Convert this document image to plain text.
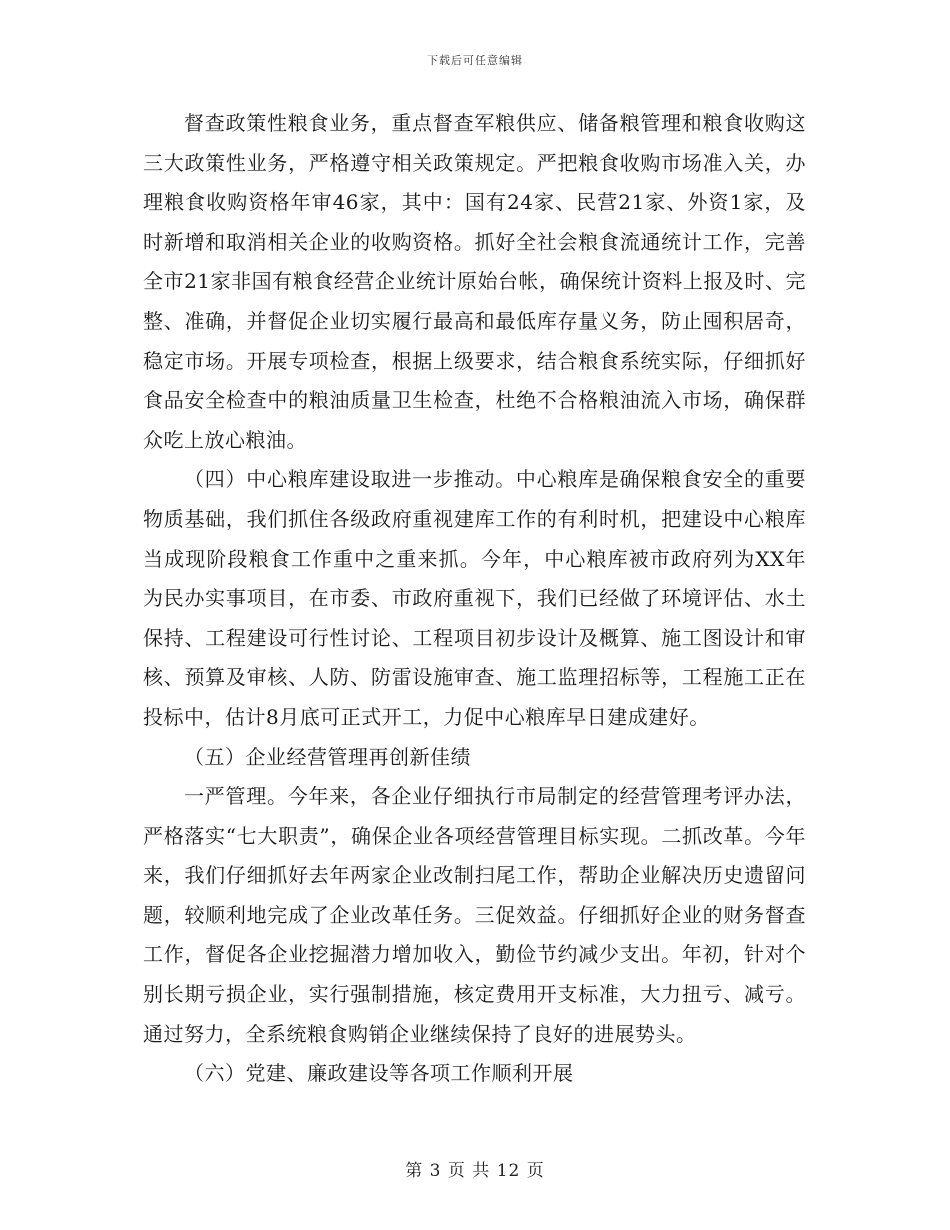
下载后可任意编辑

督查政策性粮食业务，重点督查军粮供应、储备粮管理和粮食收购这三大政策性业务，严格遵守相关政策规定。严把粮食收购市场准入关，办理粮食收购资格年审46家，其中：国有24家、民营21家、外资1家，及时新增和取消相关企业的收购资格。抓好全社会粮食流通统计工作，完善全市21家非国有粮食经营企业统计原始台帐，确保统计资料上报及时、完整、准确，并督促企业切实履行最高和最低库存量义务，防止囤积居奇，稳定市场。开展专项检查，根据上级要求，结合粮食系统实际，仔细抓好食品安全检查中的粮油质量卫生检查，杜绝不合格粮油流入市场，确保群众吃上放心粮油。

（四）中心粮库建设取进一步推动。中心粮库是确保粮食安全的重要物质基础，我们抓住各级政府重视建库工作的有利时机，把建设中心粮库当成现阶段粮食工作重中之重来抓。今年，中心粮库被市政府列为XX年为民办实事项目，在市委、市政府重视下，我们已经做了环境评估、水土保持、工程建设可行性讨论、工程项目初步设计及概算、施工图设计和审核、预算及审核、人防、防雷设施审查、施工监理招标等，工程施工正在投标中，估计8月底可正式开工，力促中心粮库早日建成建好。

（五）企业经营管理再创新佳绩

一严管理。今年来，各企业仔细执行市局制定的经营管理考评办法，严格落实“七大职责”，确保企业各项经营管理目标实现。二抓改革。今年来，我们仔细抓好去年两家企业改制扫尾工作，帮助企业解决历史遗留问题，较顺利地完成了企业改革任务。三促效益。仔细抓好企业的财务督查工作，督促各企业挖掘潜力增加收入，勤俭节约减少支出。年初，针对个别长期亏损企业，实行强制措施，核定费用开支标准，大力扭亏、减亏。通过努力，全系统粮食购销企业继续保持了良好的进展势头。

（六）党建、廉政建设等各项工作顺利开展

第 3 页 共 12 页
